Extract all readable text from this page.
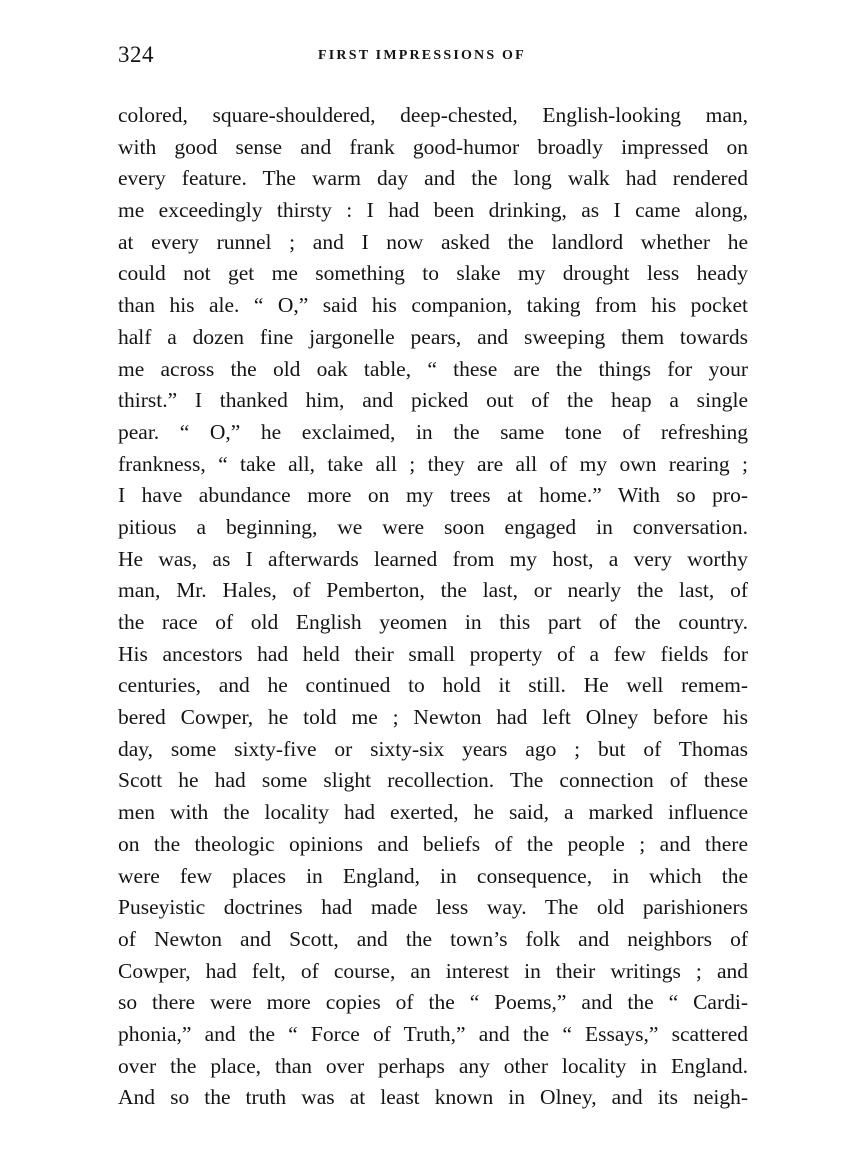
324	FIRST IMPRESSIONS OF
colored, square-shouldered, deep-chested, English-looking man,
with good sense and frank good-humor broadly impressed on
every feature. The warm day and the long walk had rendered
me exceedingly thirsty : I had been drinking, as I came along,
at every runnel ; and I now asked the landlord whether he
could not get me something to slake my drought less heady
than his ale. “ O,” said his companion, taking from his pocket
half a dozen fine jargonelle pears, and sweeping them towards
me across the old oak table, “ these are the things for your
thirst.” I thanked him, and picked out of the heap a single
pear. “ O,” he exclaimed, in the same tone of refreshing
frankness, “ take all, take all ; they are all of my own rearing ;
I have abundance more on my trees at home.” With so pro-
pitious a beginning, we were soon engaged in conversation.
He was, as I afterwards learned from my host, a very worthy
man, Mr. Hales, of Pemberton, the last, or nearly the last, of
the race of old English yeomen in this part of the country.
His ancestors had held their small property of a few fields for
centuries, and he continued to hold it still. He well remem-
bered Cowper, he told me ; Newton had left Olney before his
day, some sixty-five or sixty-six years ago ; but of Thomas
Scott he had some slight recollection. The connection of these
men with the locality had exerted, he said, a marked influence
on the theologic opinions and beliefs of the people ; and there
were few places in England, in consequence, in which the
Puseyistic doctrines had made less way. The old parishioners
of Newton and Scott, and the town’s folk and neighbors of
Cowper, had felt, of course, an interest in their writings ; and
so there were more copies of the “ Poems,” and the “ Cardi-
phonia,” and the “ Force of Truth,” and the “ Essays,” scattered
over the place, than over perhaps any other locality in England.
And so the truth was at least known in Olney, and its neigh-
